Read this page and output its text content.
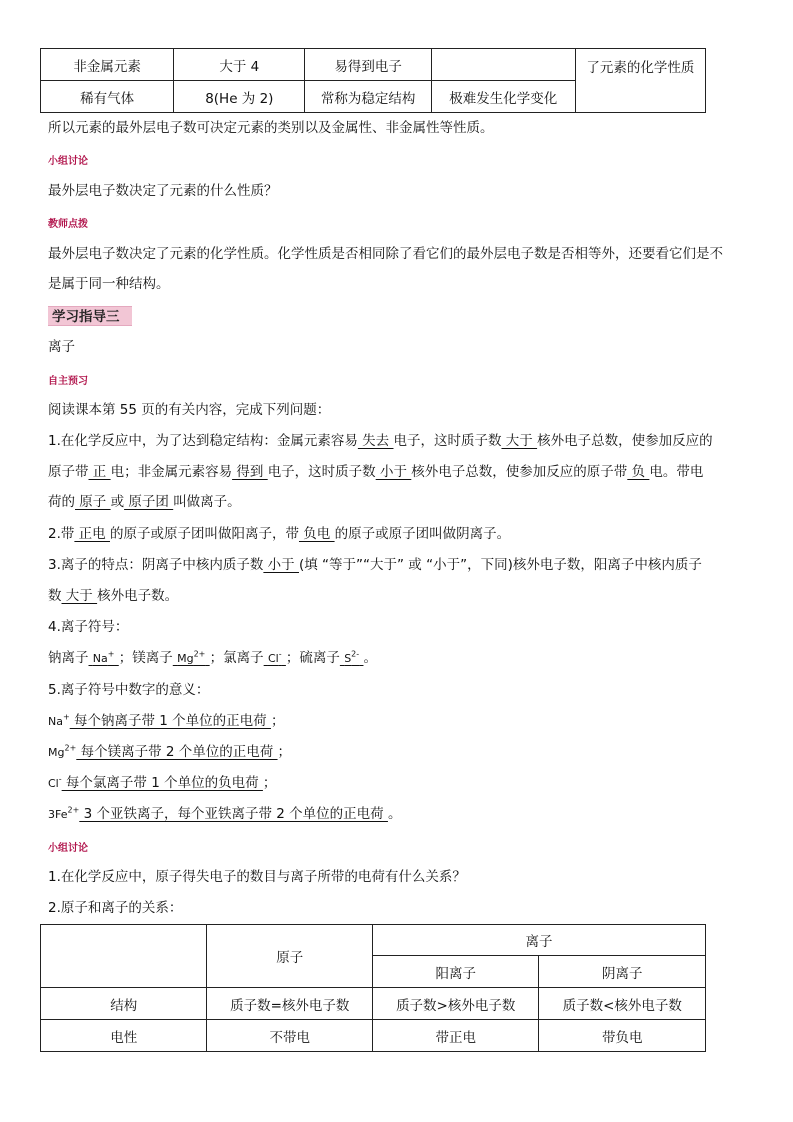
非金属元素	大于 4	易得到电子		了元素的化学性质
稀有气体	8(He 为 2)	常称为稳定结构	极难发生化学变化	
所以元素的最外层电子数可决定元素的类别以及金属性、非金属性等性质。
小组讨论
最外层电子数决定了元素的什么性质？
教师点拨
最外层电子数决定了元素的化学性质。化学性质是否相同除了看它们的最外层电子数是否相等外，还要看它们是不
是属于同一种结构。
学习指导三
离子
自主预习
阅读课本第 55 页的有关内容，完成下列问题：
1.在化学反应中，为了达到稳定结构：金属元素容易 失去 电子，这时质子数 大于 核外电子总数，使参加反应的
原子带 正 电；非金属元素容易 得到 电子，这时质子数 小于 核外电子总数，使参加反应的原子带 负 电。带电
荷的 原子 或 原子团 叫做离子。
2.带 正电 的原子或原子团叫做阳离子，带 负电 的原子或原子团叫做阴离子。
3.离子的特点：阴离子中核内质子数 小于 (填 “等于”“大于” 或 “小于”，下同)核外电子数，阳离子中核内质子
数 大于 核外电子数。
4.离子符号：
钠离子 Na+ ；镁离子 $Mg^{2+}$ ；氯离子 Cl- ；硫离子 $S^{2-}$ 。
5.离子符号中数字的意义：
Na+ 每个钠离子带 1 个单位的正电荷 ；
$Mg^{2+}$ 每个镁离子带 2 个单位的正电荷 ；
Cl- 每个氯离子带 1 个单位的负电荷 ；
$3Fe^{2+}$ 3 个亚铁离子，每个亚铁离子带 2 个单位的正电荷 。
小组讨论
1.在化学反应中，原子得失电子的数目与离子所带的电荷有什么关系？
2.原子和离子的关系：
	原子	离子	
		阳离子	阴离子
结构	质子数=核外电子数	质子数>核外电子数	质子数<核外电子数
电性	不带电	带正电	带负电
